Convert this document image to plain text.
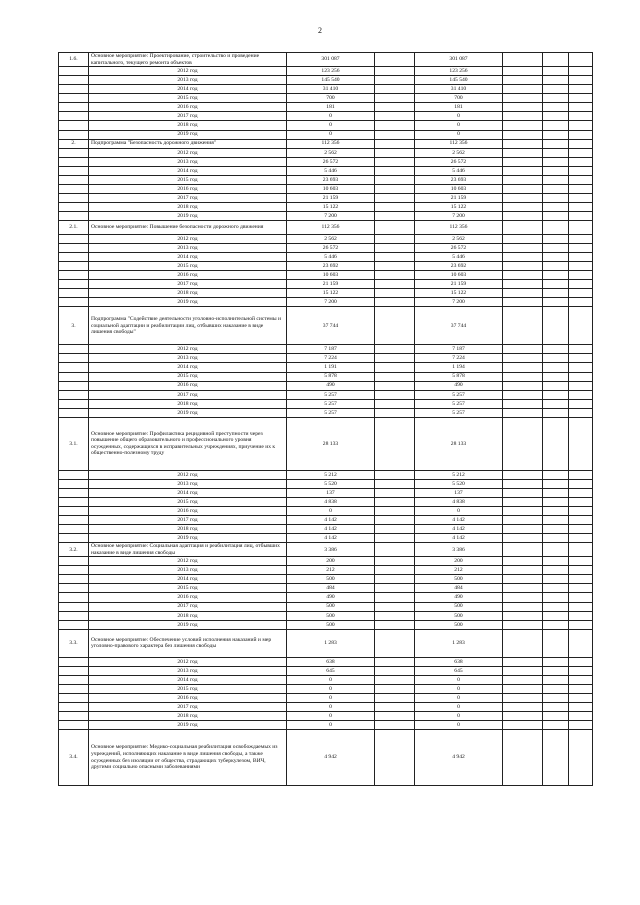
2
1.6.	Основное мероприятие: Проектирование, строительство и проведение капитального, текущего ремонта объектов	301 087		301 087			
	2012 год	123 256		123 256			
	2013 год	145 540		145 540			
	2014 год	31 410		31 410			
	2015 год	700		700			
	2016 год	181		181			
	2017 год	0		0			
	2018 год	0		0			
	2019 год	0		0			
2.	Подпрограмма "Безопасность дорожного движения"	112 356		112 356			
	2012 год	2 562		2 562			
	2013 год	26 572		26 572			
	2014 год	5 446		5 446			
	2015 год	23 693		23 693			
	2016 год	10 603		10 603			
	2017 год	21 159		21 159			
	2018 год	15 122		15 122			
	2019 год	7 200		7 200			
2.1.	Основное мероприятие: Повышение безопасности дорожного движения	112 356		112 356			
	2012 год	2 562		2 562			
	2013 год	26 572		26 572			
	2014 год	5 446		5 446			
	2015 год	23 692		23 692			
	2016 год	10 603		10 603			
	2017 год	21 159		21 159			
	2018 год	15 122		15 122			
	2019 год	7 200		7 200			
3.	Подпрограмма "Содействие деятельности уголовно-исполнительной системы и социальной адаптации и реабилитации лиц, отбывших наказание в виде лишения свободы"	37 744		37 744			
	2012 год	7 187		7 187			
	2013 год	7 224		7 224			
	2014 год	1 191		1 194			
	2015 год	5 878		5 878			
	2016 год	490		490			
	2017 год	5 257		5 257			
	2018 год	5 257		5 257			
	2019 год	5 257		5 257			
3.1.	Основное мероприятие: Профилактика рецидивной преступности через повышение общего образовательного и профессионального уровня осужденных, содержащихся в исправительных учреждениях, приучение их к общественно-полезному труду	28 133		28 133			
	2012 год	5 212		5 212			
	2013 год	5 520		5 520			
	2014 год	137		137			
	2015 год	4 838		4 838			
	2016 год	0		0			
	2017 год	4 142		4 142			
	2018 год	4 142		4 142			
	2019 год	4 142		4 142			
3.2.	Основное мероприятие: Социальная адаптация и реабилитация лиц, отбывших наказание в виде лишения свободы	3 386		3 386			
	2012 год	200		200			
	2013 год	212		212			
	2014 год	500		500			
	2015 год	484		484			
	2016 год	490		490			
	2017 год	500		500			
	2018 год	500		500			
	2019 год	500		500			
3.3.	Основное мероприятие: Обеспечение условий исполнения наказаний и мер уголовно-правового характера без лишения свободы	1 283		1 283			
	2012 год	638		638			
	2013 год	645		645			
	2014 год	0		0			
	2015 год	0		0			
	2016 год	0		0			
	2017 год	0		0			
	2018 год	0		0			
	2019 год	0		0			
3.4.	Основное мероприятие: Медико-социальная реабилитация освобождаемых из учреждений, исполняющих наказание в виде лишения свободы, а также осужденных без изоляции от общества, страдающих туберкулезом, ВИЧ, другими социально опасными заболеваниями	4 942		4 942			
